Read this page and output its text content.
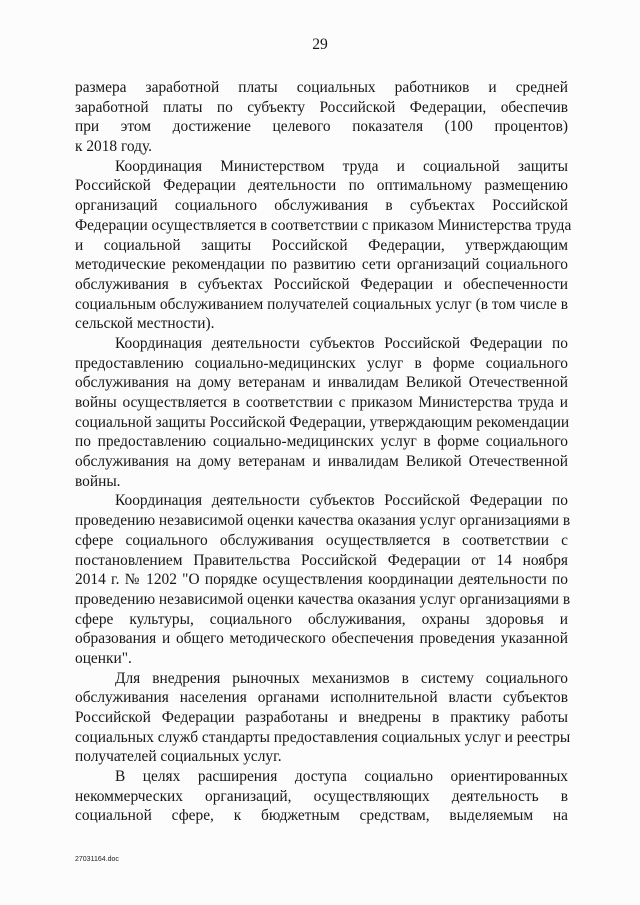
29
размера заработной платы социальных работников и средней
заработной платы по субъекту Российской Федерации, обеспечив
при этом достижение целевого показателя (100 процентов)
к 2018 году.
Координация Министерством труда и социальной защиты
Российской Федерации деятельности по оптимальному размещению
организаций социального обслуживания в субъектах Российской
Федерации осуществляется в соответствии с приказом Министерства труда
и социальной защиты Российской Федерации, утверждающим
методические рекомендации по развитию сети организаций социального
обслуживания в субъектах Российской Федерации и обеспеченности
социальным обслуживанием получателей социальных услуг (в том числе в
сельской местности).
Координация деятельности субъектов Российской Федерации по
предоставлению социально-медицинских услуг в форме социального
обслуживания на дому ветеранам и инвалидам Великой Отечественной
войны осуществляется в соответствии с приказом Министерства труда и
социальной защиты Российской Федерации, утверждающим рекомендации
по предоставлению социально-медицинских услуг в форме социального
обслуживания на дому ветеранам и инвалидам Великой Отечественной
войны.
Координация деятельности субъектов Российской Федерации по
проведению независимой оценки качества оказания услуг организациями в
сфере социального обслуживания осуществляется в соответствии с
постановлением Правительства Российской Федерации от 14 ноября
2014 г. № 1202 "О порядке осуществления координации деятельности по
проведению независимой оценки качества оказания услуг организациями в
сфере культуры, социального обслуживания, охраны здоровья и
образования и общего методического обеспечения проведения указанной
оценки".
Для внедрения рыночных механизмов в систему социального
обслуживания населения органами исполнительной власти субъектов
Российской Федерации разработаны и внедрены в практику работы
социальных служб стандарты предоставления социальных услуг и реестры
получателей социальных услуг.
В целях расширения доступа социально ориентированных
некоммерческих организаций, осуществляющих деятельность в
социальной сфере, к бюджетным средствам, выделяемым на
27031164.doc
